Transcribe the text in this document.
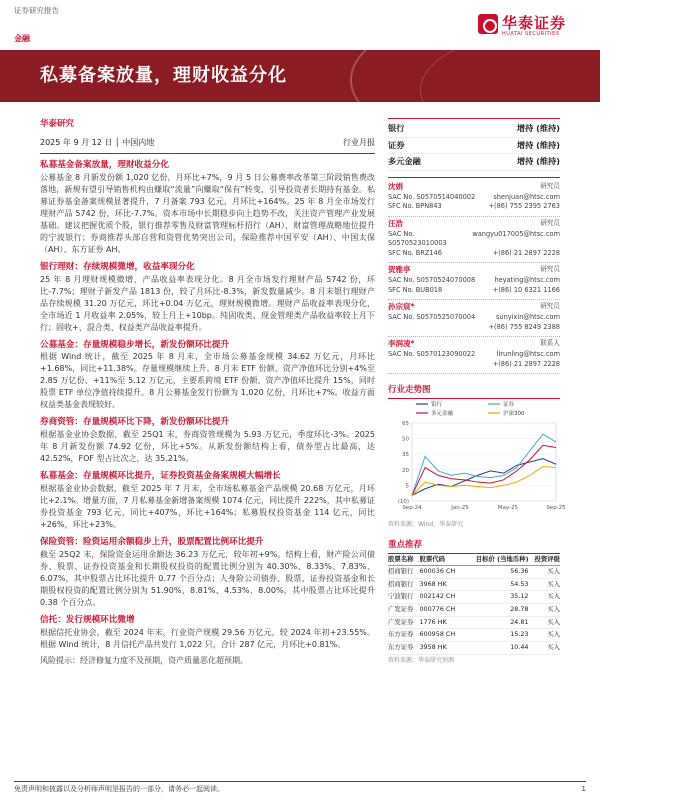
证券研究报告
华泰证券
HUATAI SECURITIES
金融
私募备案放量，理财收益分化
华泰研究
2025 年 9 月 12 日 │ 中国内地	行业月报
私募基金备案放量，理财收益分化

公募基金 8 月新发份额 1,020 亿份，月环比+7%，9 月 5 日公募费率改革第三阶段销售费改落地，新规有望引导销售机构由赚取“流量”向赚取“保有”转变，引导投资者长期持有基金。私募证券基金备案规模显著提升，7 月备案 793 亿元，月环比+164%。25 年 8 月全市场发行理财产品 5742 份，环比-7.7%。资本市场中长期稳步向上趋势不改，关注资产管理产业发展基础。建议把握优质个股，银行推荐零售及财富管理标杆招行（AH），财富管理战略地位提升的宁波银行；券商推荐头部自营和资管优势突出公司，保险推荐中国平安（AH）、中国太保（AH）、东方证券 AH。

银行理财：存续规模微增，收益率现分化

25 年 8 月理财规模微增，产品收益率表现分化。8 月全市场发行理财产品 5742 份，环比-7.7%；理财子新发产品 1813 份，较了月环比-8.3%，新发数量减少。8 月末银行理财产品存续规模 31.20 万亿元，环比+0.04 万亿元，理财规模微增。理财产品收益率表现分化，全市场近 1 月收益率 2.05%，较上月上+10bp。纯固收类、现金管理类产品收益率较上月下行；固收+、混合类、权益类产品收益率提升。

公募基金：存量规模稳步增长，新发份额环比提升

根据 Wind 统计，截至 2025 年 8 月末，全市场公募基金规模 34.62 万亿元，月环比+1.68%，同比+11.38%。存量规模继续上升。8 月末 ETF 份额、资产净值环比分别+4%至 2.85 万亿份、+11%至 5.12 万亿元，主要系跨境 ETF 份额、资产净值环比提升 15%，同时股票 ETF 单位净值持续提升。8 月公募基金发行份额为 1,020 亿份，月环比+7%。收益方面权益类基金表现较好。

券商资管：存量规模环比下降，新发份额环比提升

根据基金业协会数据，截至 25Q1 末，券商资管规模为 5.93 万亿元，季度环比-3%。2025 年 8 月新发份额 74.92 亿份，环比+5%。从新发份额结构上看，债券型占比最高，达 42.52%，FOF 型占比次之，达 35.21%。

私募基金：存量规模环比提升，证券投资基金备案规模大幅增长

根据基金业协会数据，截至 2025 年 7 月末，全市场私募基金产品规模 20.68 万亿元，月环比+2.1%。增量方面，7 月私募基金新增备案规模 1074 亿元，同比提升 222%，其中私募证券投资基金 793 亿元，同比+407%，环比+164%；私募股权投资基金 114 亿元，同比+26%，环比+23%。

保险资管：险资运用余额稳步上升，股票配置比例环比提升

截至 25Q2 末，保险资金运用余额达 36.23 万亿元，较年初+9%。结构上看，财产险公司债券、股票、证券投资基金和长期股权投资的配置比例分别为 40.30%、8.33%、7.83%、6.07%，其中股票占比环比提升 0.77 个百分点；人身险公司债券、股票、证券投资基金和长期股权投资的配置比例分别为 51.90%、8.81%、4.53%、8.00%，其中股票占比环比提升 0.38 个百分点。

信托：发行规模环比微增

根据信托业协会，截至 2024 年末，行业资产规模 29.56 万亿元，较 2024 年初+23.55%。根据 Wind 统计，8 月信托产品共发行 1,022 只，合计 287 亿元，月环比+0.81%。

风险提示：经济修复力度不及预期，资产质量恶化超预期。
银行	增持 (维持)
证券	增持 (维持)
多元金融	增持 (维持)
沈娟	研究员
SAC No. S0570514040002	shenjuan@htsc.com
SFC No. BPN843	+(86) 755 2395 2763
汪浩	研究员
SAC No. S0570523010003
wangyu017005@htsc.com
SFC No. BRZ146	+(86) 21 2897 2228
贺雅亭	研究员
SAC No. S0570524070008	heyating@htsc.com
SFC No. BUB018	+(86) 10 6321 1166
孙宗宸*	研究员
SAC No. S0570525070004	sunyixin@htsc.com
+(86) 755 8249 2388
李润凌*	联系人
SAC No. S0570123090022	lirunling@htsc.com
+(86) 21 2897 2228
行业走势图
65
50
35
20
5
(10)
Sep-24	Jan-25	May-25	Sep-25
银行	证券
多元金融	沪深300
资料来源：Wind，华泰研究
重点推荐
股票名称	股票代码	目标价 (当地币种)	投资评级
招商银行	600036 CH	56.36	买入
招商银行	3968 HK	54.53	买入
宁波银行	002142 CH	35.12	买入
广发证券	000776 CH	28.78	买入
广发证券	1776 HK	24.81	买入
东方证券	600958 CH	15.23	买入
东方证券	3958 HK	10.44	买入
资料来源：华泰研究预测
免责声明和披露以及分析师声明是报告的一部分，请务必一起阅读。	1
